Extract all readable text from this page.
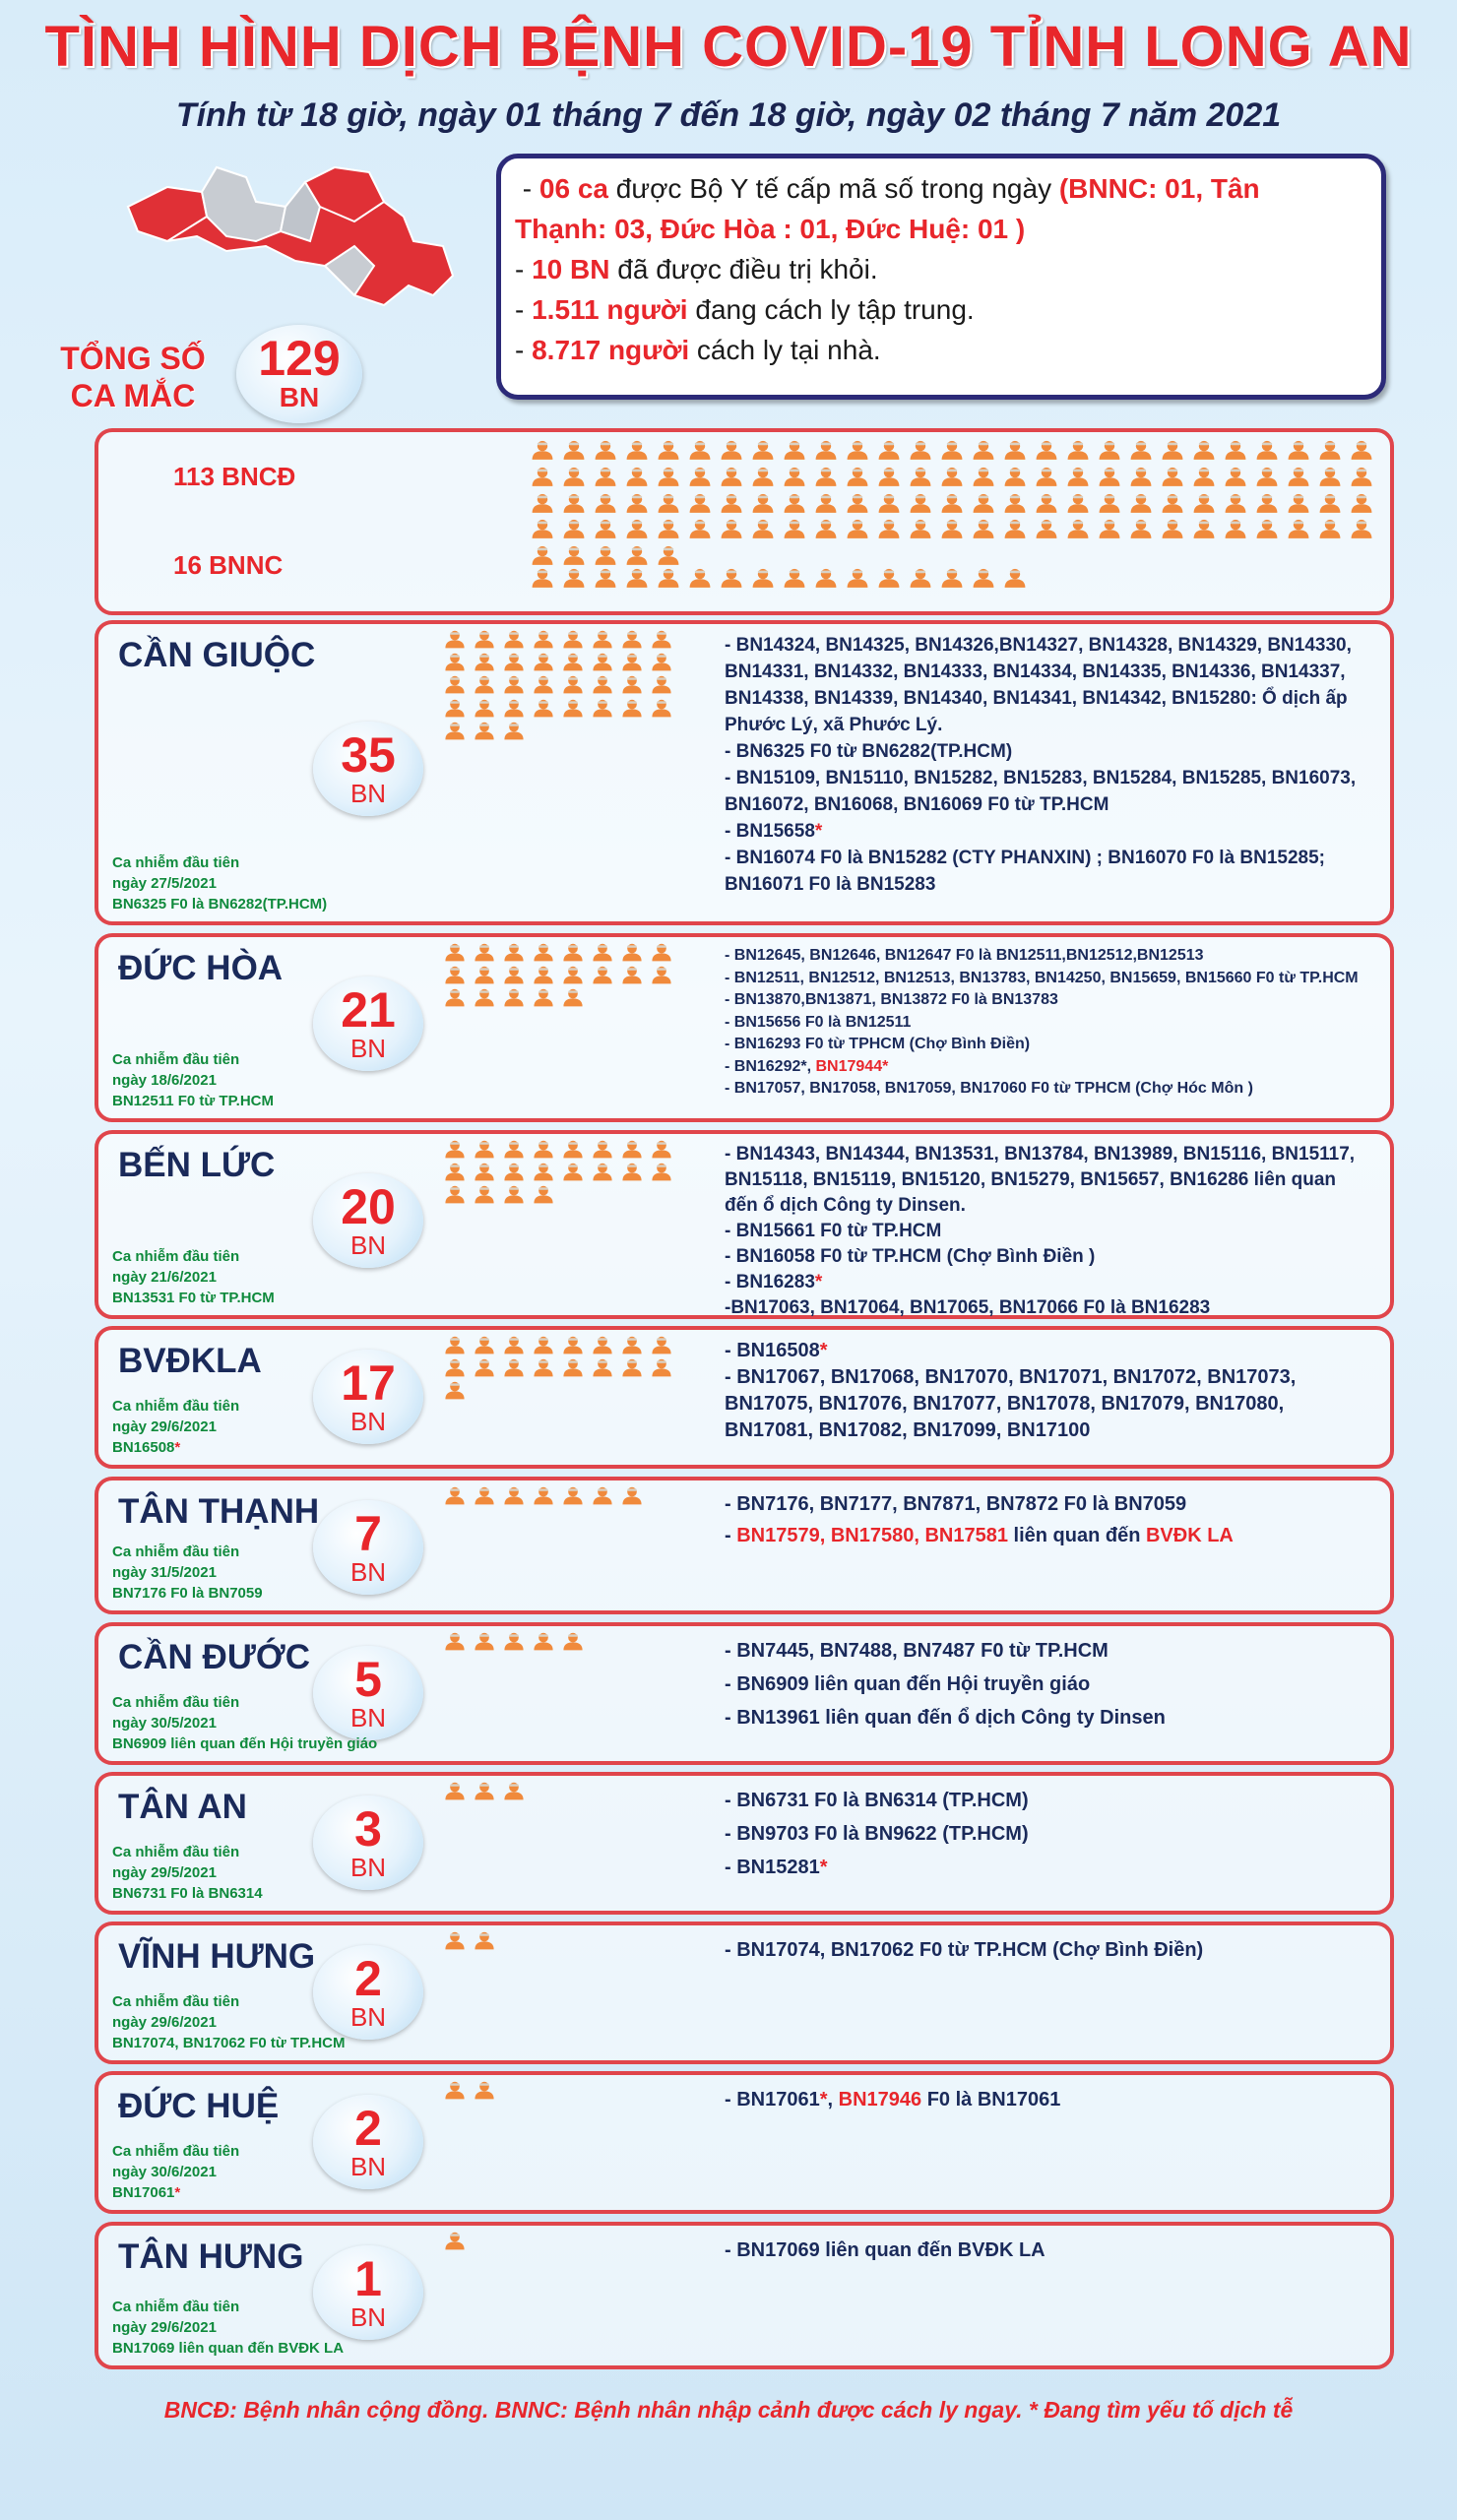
TÌNH HÌNH DỊCH BỆNH COVID-19 TỈNH LONG AN
Tính từ 18 giờ, ngày 01 tháng 7 đến 18 giờ, ngày 02 tháng 7 năm 2021
TỔNG SỐ
CA MẮC
129
BN
- 06 ca được Bộ Y tế cấp mã số trong ngày (BNNC: 01, Tân
Thạnh: 03, Đức Hòa : 01, Đức Huệ: 01 )
- 10 BN đã được điều trị khỏi.
- 1.511 người đang cách ly tập trung.
- 8.717 người cách ly tại nhà.
113 BNCĐ
16 BNNC
CẦN GIUỘC
35
BN
Ca nhiễm đầu tiên
ngày 27/5/2021
BN6325 F0 là BN6282(TP.HCM)

- BN14324, BN14325, BN14326,BN14327, BN14328, BN14329, BN14330, BN14331, BN14332, BN14333, BN14334, BN14335, BN14336, BN14337, BN14338, BN14339, BN14340, BN14341, BN14342, BN15280: Ổ dịch ấp Phước Lý, xã Phước Lý.

- BN6325 F0 từ BN6282(TP.HCM)

- BN15109, BN15110, BN15282, BN15283, BN15284, BN15285, BN16073, BN16072, BN16068, BN16069 F0 từ TP.HCM

- BN15658*

- BN16074 F0 là BN15282 (CTY PHANXIN) ; BN16070 F0 là BN15285; BN16071 F0 là BN15283

ĐỨC HÒA
21
BN
Ca nhiễm đầu tiên
ngày 18/6/2021
BN12511 F0 từ TP.HCM

- BN12645, BN12646, BN12647 F0 là BN12511,BN12512,BN12513

- BN12511, BN12512, BN12513, BN13783, BN14250, BN15659, BN15660 F0 từ TP.HCM

- BN13870,BN13871, BN13872 F0 là BN13783

- BN15656 F0 là BN12511

- BN16293 F0 từ TPHCM (Chợ Bình Điền)

- BN16292*, BN17944*

- BN17057, BN17058, BN17059, BN17060 F0 từ TPHCM (Chợ Hóc Môn )

BẾN LỨC
20
BN
Ca nhiễm đầu tiên
ngày 21/6/2021
BN13531 F0 từ TP.HCM

- BN14343, BN14344, BN13531, BN13784, BN13989, BN15116, BN15117, BN15118, BN15119, BN15120, BN15279, BN15657, BN16286 liên quan đến ổ dịch Công ty Dinsen.

- BN15661 F0 từ TP.HCM

- BN16058 F0 từ TP.HCM (Chợ Bình Điền )

- BN16283*

-BN17063, BN17064, BN17065, BN17066 F0 là BN16283

BVĐKLA	17
BN
Ca nhiễm đầu tiên
ngày 29/6/2021
BN16508*

- BN16508*

- BN17067, BN17068, BN17070, BN17071, BN17072, BN17073, BN17075, BN17076, BN17077, BN17078, BN17079, BN17080, BN17081, BN17082, BN17099, BN17100

TÂN THẠNH 7
BN
Ca nhiễm đầu tiên
ngày 31/5/2021
BN7176 F0 là BN7059

- BN7176, BN7177, BN7871, BN7872 F0 là BN7059

- BN17579, BN17580, BN17581 liên quan đến BVĐK LA

CẦN ĐƯỚC 5
BN
Ca nhiễm đầu tiên
ngày 30/5/2021
BN6909 liên quan đến Hội truyền giáo

- BN7445, BN7488, BN7487 F0 từ TP.HCM

- BN6909 liên quan đến Hội truyền giáo

- BN13961 liên quan đến ổ dịch Công ty Dinsen

TÂN AN	3
BN
Ca nhiễm đầu tiên
ngày 29/5/2021
BN6731 F0 là BN6314

- BN6731 F0 là BN6314 (TP.HCM)

- BN9703 F0 là BN9622 (TP.HCM)

- BN15281*

VĨNH HƯNG 2
BN
Ca nhiễm đầu tiên
ngày 29/6/2021
BN17074, BN17062 F0 từ TP.HCM

- BN17074, BN17062 F0 từ TP.HCM (Chợ Bình Điền)

ĐỨC HUỆ	2
BN
Ca nhiễm đầu tiên
ngày 30/6/2021
BN17061*

- BN17061*, BN17946 F0 là BN17061

TÂN HƯNG	1
BN
Ca nhiễm đầu tiên
ngày 29/6/2021
BN17069 liên quan đến BVĐK LA

- BN17069 liên quan đến BVĐK LA

BNCĐ: Bệnh nhân cộng đồng. BNNC: Bệnh nhân nhập cảnh được cách ly ngay. * Đang tìm yếu tố dịch tễ
